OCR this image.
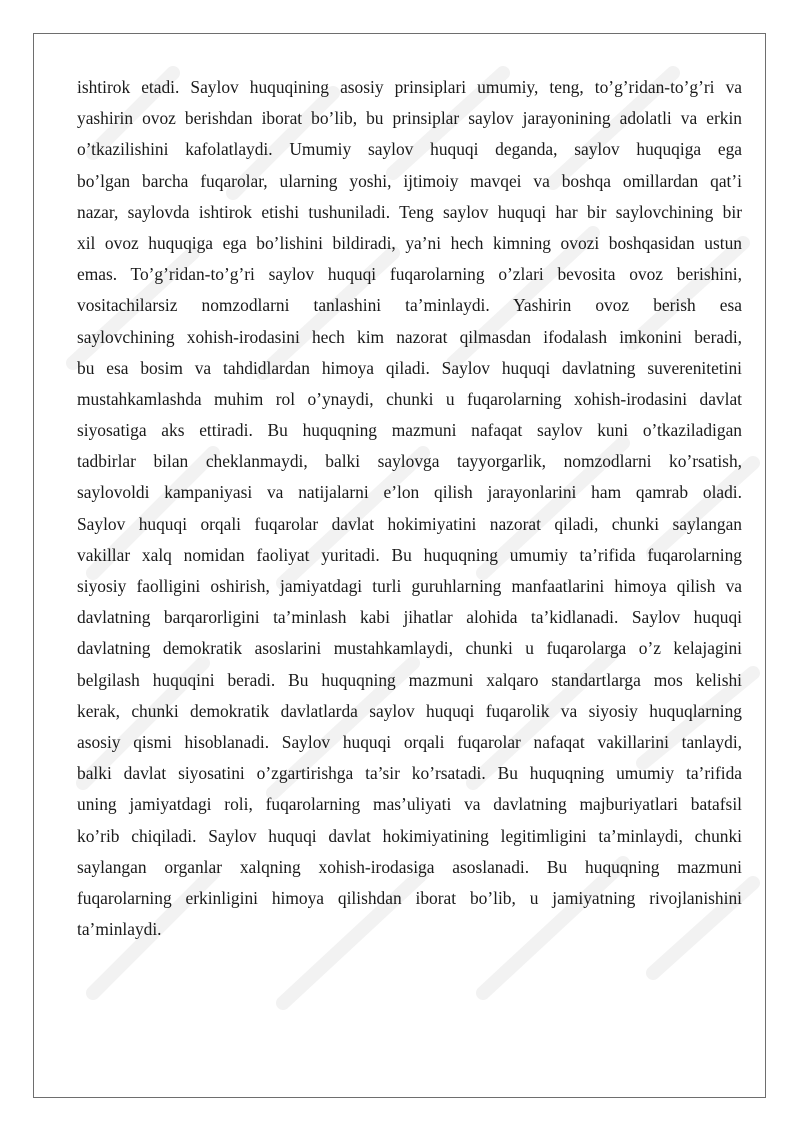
ishtirok etadi. Saylov huquqining asosiy prinsiplari umumiy, teng, to’g’ridan-to’g’ri va
yashirin ovoz berishdan iborat bo’lib, bu prinsiplar saylov jarayonining adolatli va erkin
o’tkazilishini kafolatlaydi. Umumiy saylov huquqi deganda, saylov huquqiga ega
bo’lgan barcha fuqarolar, ularning yoshi, ijtimoiy mavqei va boshqa omillardan qat’i
nazar, saylovda ishtirok etishi tushuniladi. Teng saylov huquqi har bir saylovchining bir
xil ovoz huquqiga ega bo’lishini bildiradi, ya’ni hech kimning ovozi boshqasidan ustun
emas. To’g’ridan-to’g’ri saylov huquqi fuqarolarning o’zlari bevosita ovoz berishini,
vositachilarsiz nomzodlarni tanlashini ta’minlaydi. Yashirin ovoz berish esa
saylovchining xohish-irodasini hech kim nazorat qilmasdan ifodalash imkonini beradi,
bu esa bosim va tahdidlardan himoya qiladi. Saylov huquqi davlatning suverenitetini
mustahkamlashda muhim rol o’ynaydi, chunki u fuqarolarning xohish-irodasini davlat
siyosatiga aks ettiradi. Bu huquqning mazmuni nafaqat saylov kuni o’tkaziladigan
tadbirlar bilan cheklanmaydi, balki saylovga tayyorgarlik, nomzodlarni ko’rsatish,
saylovoldi kampaniyasi va natijalarni e’lon qilish jarayonlarini ham qamrab oladi.
Saylov huquqi orqali fuqarolar davlat hokimiyatini nazorat qiladi, chunki saylangan
vakillar xalq nomidan faoliyat yuritadi. Bu huquqning umumiy ta’rifida fuqarolarning
siyosiy faolligini oshirish, jamiyatdagi turli guruhlarning manfaatlarini himoya qilish va
davlatning barqarorligini ta’minlash kabi jihatlar alohida ta’kidlanadi. Saylov huquqi
davlatning demokratik asoslarini mustahkamlaydi, chunki u fuqarolarga o’z kelajagini
belgilash huquqini beradi. Bu huquqning mazmuni xalqaro standartlarga mos kelishi
kerak, chunki demokratik davlatlarda saylov huquqi fuqarolik va siyosiy huquqlarning
asosiy qismi hisoblanadi. Saylov huquqi orqali fuqarolar nafaqat vakillarini tanlaydi,
balki davlat siyosatini o’zgartirishga ta’sir ko’rsatadi. Bu huquqning umumiy ta’rifida
uning jamiyatdagi roli, fuqarolarning mas’uliyati va davlatning majburiyatlari batafsil
ko’rib chiqiladi. Saylov huquqi davlat hokimiyatining legitimligini ta’minlaydi, chunki
saylangan organlar xalqning xohish-irodasiga asoslanadi. Bu huquqning mazmuni
fuqarolarning erkinligini himoya qilishdan iborat bo’lib, u jamiyatning rivojlanishini
ta’minlaydi.
